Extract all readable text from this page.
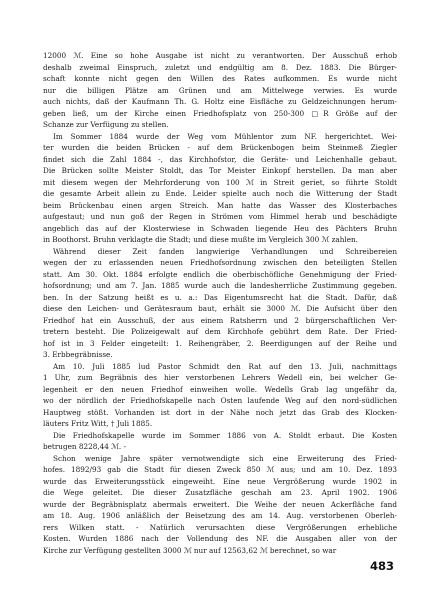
12000 ℳ. Eine so hohe Ausgabe ist nicht zu verantworten. Der Ausschuß erhob
deshalb zweimal Einspruch, zuletzt und endgültig am 8. Dez. 1883. Die Bürger-
schaft konnte nicht gegen den Willen des Rates aufkommen. Es wurde nicht
nur die billigen Plätze am Grünen und am Mittelwege verwies. Es wurde
auch nichts, daß der Kaufmann Th. G. Holtz eine Eisfläche zu Geldzeichnungen herum-
geben ließ, um der Kirche einen Friedhofsplatz von 250-300 □R Größe auf der
Schanze zur Verfügung zu stellen.
Im Sommer 1884 wurde der Weg vom Mühlentor zum NF. hergerichtet. Wei-
ter wurden die beiden Brücken - auf dem Brückenbogen beim Steinmeß Ziegler
findet sich die Zahl 1884 -, das Kirchhofstor, die Geräte- und Leichenhalle gebaut.
Die Brücken sollte Meister Stoldt, das Tor Meister Einkopf herstellen. Da man aber
mit diesem wegen der Mehrforderung von 100 ℳ in Streit geriet, so führte Stoldt
die gesamte Arbeit allein zu Ende. Leider spielte auch noch die Witterung der Stadt
beim Brückenbau einen argen Streich. Man hatte das Wasser des Klosterbaches
aufgestaut; und nun goß der Regen in Strömen vom Himmel herab und beschädigte
angeblich das auf der Klosterwiese in Schwaden liegende Heu des Pächters Bruhn
in Boothorst. Bruhn verklagte die Stadt; und diese mußte im Vergleich 300 ℳ zahlen.
Während dieser Zeit fanden langwierige Verhandlungen und Schreibereien
wegen der zu erlassenden neuen Friedhofsordnung zwischen den beteiligten Stellen
statt. Am 30. Okt. 1884 erfolgte endlich die oberbischöfliche Genehmigung der Fried-
hofsordnung; und am 7. Jan. 1885 wurde auch die landesherrliche Zustimmung gegeben.
ben. In der Satzung heißt es u. a.: Das Eigentumsrecht hat die Stadt. Dafür, daß
diese den Leichen- und Gerätesraum baut, erhält sie 3000 ℳ. Die Aufsicht über den
Friedhof hat ein Ausschuß, der aus einem Ratsherrn und 2 bürgerschaftlichen Ver-
tretern besteht. Die Polizeigewalt auf dem Kirchhofe gebührt dem Rate. Der Fried-
hof ist in 3 Felder eingeteilt: 1. Reihengräber, 2. Beerdigungen auf der Reihe und
3. Erbbegräbnisse.
Am 10. Juli 1885 lud Pastor Schmidt den Rat auf den 13. Juli, nachmittags
1 Uhr, zum Begräbnis des hier verstorbenen Lehrers Wedell ein, bei welcher Ge-
legenheit er den neuen Friedhof einweihen wolle. Wedells Grab lag ungefähr da,
wo der nördlich der Friedhofskapelle nach Osten laufende Weg auf den nord-südlichen
Hauptweg stößt. Vorhanden ist dort in der Nähe noch jetzt das Grab des Klocken-
läuters Fritz Witt, † Juli 1885.
Die Friedhofskapelle wurde im Sommer 1886 von A. Stoldt erbaut. Die Kosten
betrugen 8228,44 ℳ. -
Schon wenige Jahre später vernotwendigte sich eine Erweiterung des Fried-
hofes. 1892/93 gab die Stadt für diesen Zweck 850 ℳ aus; und am 10. Dez. 1893
wurde das Erweiterungsstück eingeweiht. Eine neue Vergrößerung wurde 1902 in
die Wege geleitet. Die dieser Zusatzfläche geschah am 23. April 1902. 1906
wurde der Begräbnisplatz abermals erweitert. Die Weihe der neuen Ackerfläche fand
am 18. Aug. 1906 anläßlich der Beisetzung des am 14. Aug. verstorbenen Oberleh-
rers Wilken statt. - Natürlich verursachten diese Vergrößerungen erhebliche
Kosten. Wurden 1886 nach der Vollendung des NF. die Ausgaben aller von der
Kirche zur Verfügung gestellten 3000 ℳ nur auf 12563,62 ℳ berechnet, so war
483
